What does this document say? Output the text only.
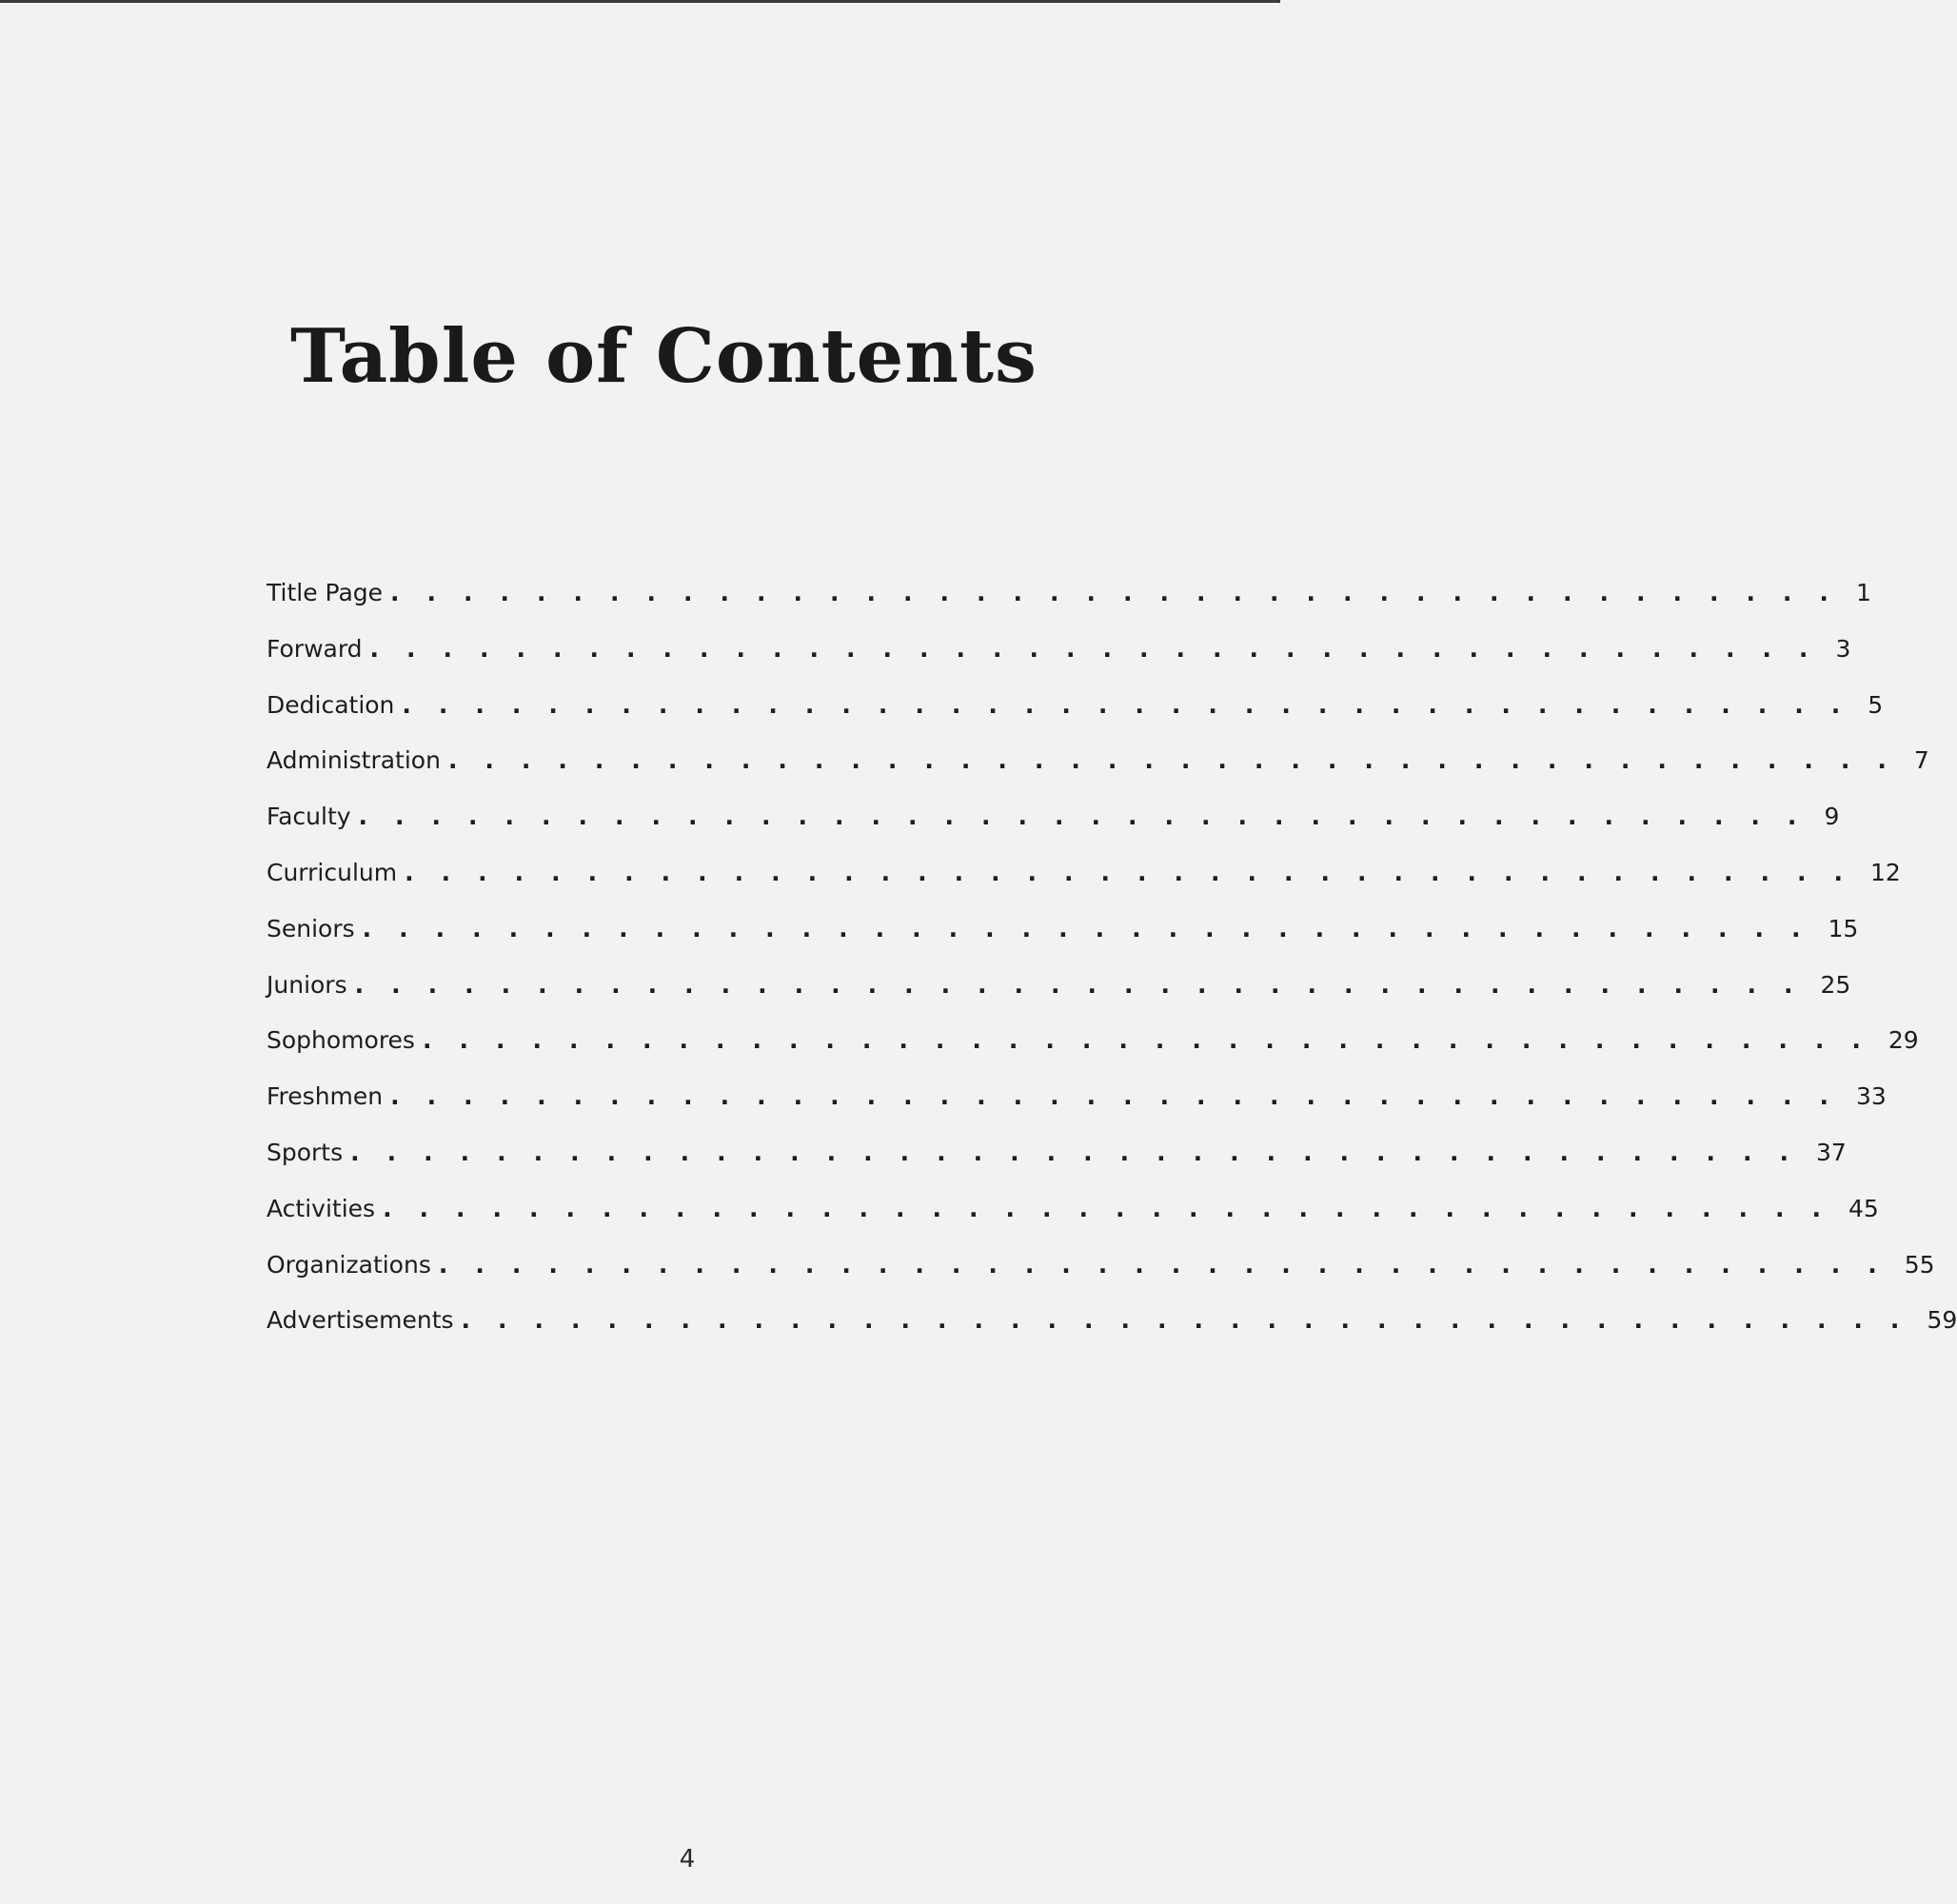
Table of Contents
Title Page ........................................ 1
Forward ........................................ 3
Dedication ........................................ 5
Administration ........................................ 7
Faculty ........................................ 9
Curriculum ........................................ 12
Seniors ........................................ 15
Juniors ........................................ 25
Sophomores ........................................ 29
Freshmen ........................................ 33
Sports ........................................ 37
Activities ........................................ 45
Organizations ........................................ 55
Advertisements ........................................ 59
4
